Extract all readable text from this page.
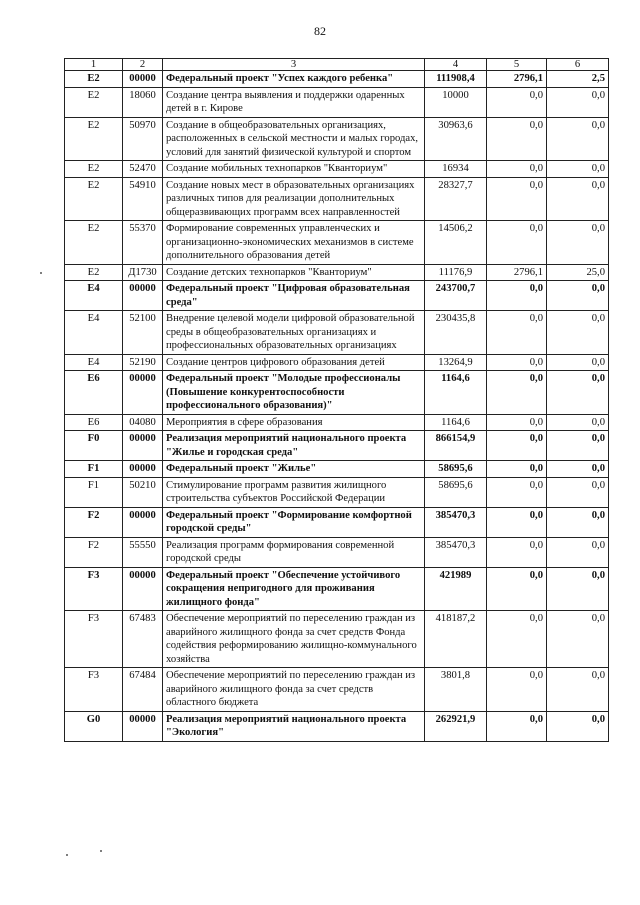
82
1	2	3	4	5	6
E2	00000	Федеральный проект "Успех каждого ребенка"	111908,4	2796,1	2,5
E2	18060	Создание центра выявления и поддержки одаренных детей в г. Кирове	10000	0,0	0,0
E2	50970	Создание в общеобразовательных организациях, расположенных в сельской местности и малых городах, условий для занятий физической культурой и спортом	30963,6	0,0	0,0
E2	52470	Создание мобильных технопарков "Кванториум"	16934	0,0	0,0
E2	54910	Создание новых мест в образовательных организациях различных типов для реализации дополнительных общеразвивающих программ всех направленностей	28327,7	0,0	0,0
E2	55370	Формирование современных управленческих и организационно-экономических механизмов в системе дополнительного образования детей	14506,2	0,0	0,0
E2	Д1730	Создание детских технопарков "Кванториум"	11176,9	2796,1	25,0
E4	00000	Федеральный проект "Цифровая образовательная среда"	243700,7	0,0	0,0
E4	52100	Внедрение целевой модели цифровой образовательной среды в общеобразовательных организациях и профессиональных образовательных организациях	230435,8	0,0	0,0
E4	52190	Создание центров цифрового образования детей	13264,9	0,0	0,0
E6	00000	Федеральный проект "Молодые профессионалы (Повышение конкурентоспособности профессионального образования)"	1164,6	0,0	0,0
E6	04080	Мероприятия в сфере образования	1164,6	0,0	0,0
F0	00000	Реализация мероприятий национального проекта "Жилье и городская среда"	866154,9	0,0	0,0
F1	00000	Федеральный проект "Жилье"	58695,6	0,0	0,0
F1	50210	Стимулирование программ развития жилищного строительства субъектов Российской Федерации	58695,6	0,0	0,0
F2	00000	Федеральный проект "Формирование комфортной городской среды"	385470,3	0,0	0,0
F2	55550	Реализация программ формирования современной городской среды	385470,3	0,0	0,0
F3	00000	Федеральный проект "Обеспечение устойчивого сокращения непригодного для проживания жилищного фонда"	421989	0,0	0,0
F3	67483	Обеспечение мероприятий по переселению граждан из аварийного жилищного фонда за счет средств Фонда содействия реформированию жилищно-коммунального хозяйства	418187,2	0,0	0,0
F3	67484	Обеспечение мероприятий по переселению граждан из аварийного жилищного фонда за счет средств областного бюджета	3801,8	0,0	0,0
G0	00000	Реализация мероприятий национального проекта "Экология"	262921,9	0,0	0,0
